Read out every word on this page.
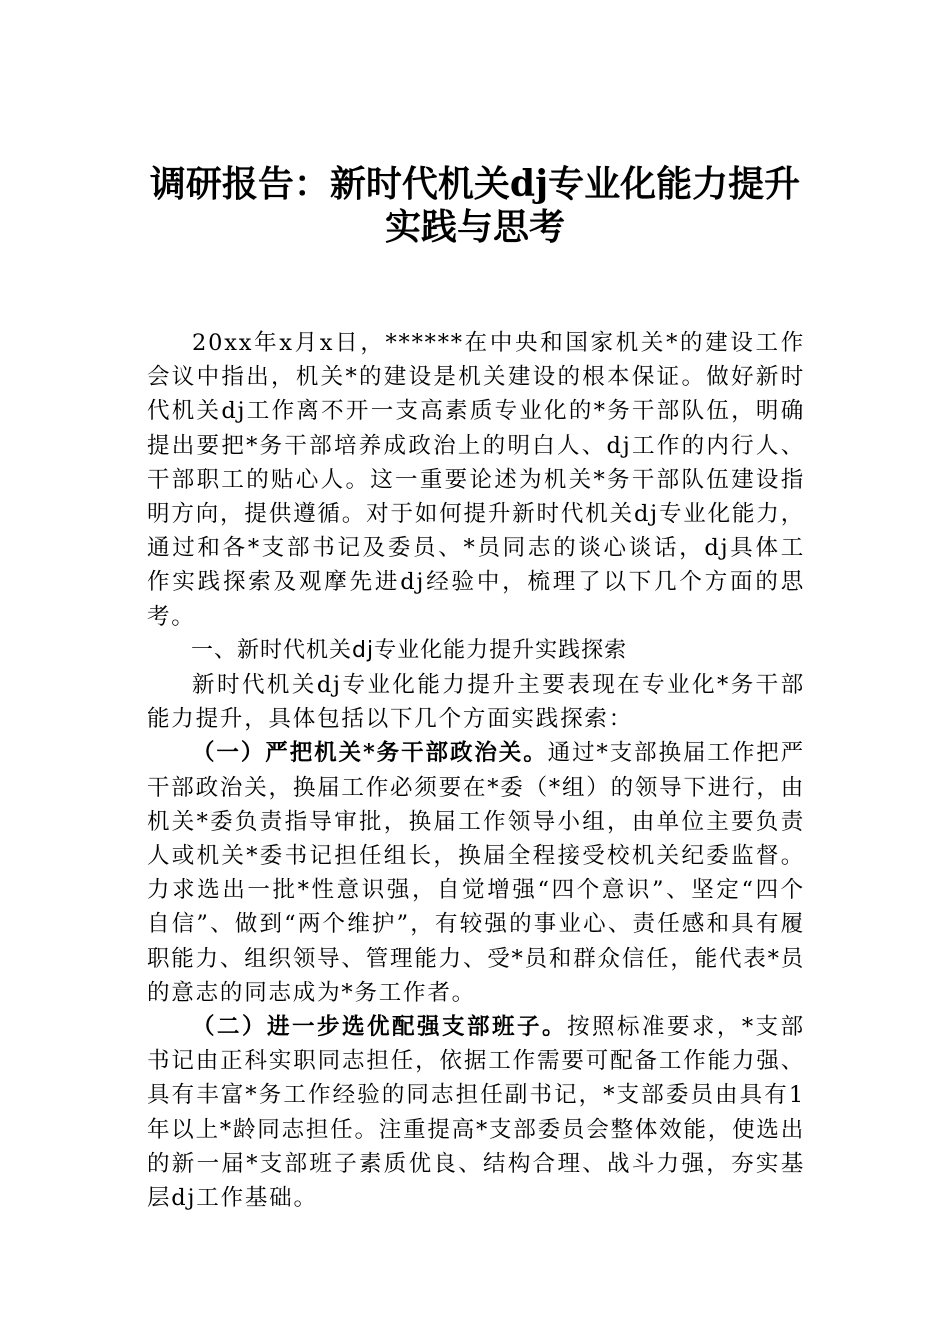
调研报告：新时代机关dj专业化能力提升
实践与思考

20xx年x月x日，******在中央和国家机关*的建设工作会议中指出，机关*的建设是机关建设的根本保证。做好新时代机关dj工作离不开一支高素质专业化的*务干部队伍，明确提出要把*务干部培养成政治上的明白人、dj工作的内行人、干部职工的贴心人。这一重要论述为机关*务干部队伍建设指明方向，提供遵循。对于如何提升新时代机关dj专业化能力，通过和各*支部书记及委员、*员同志的谈心谈话，dj具体工作实践探索及观摩先进dj经验中，梳理了以下几个方面的思考。

一、新时代机关dj专业化能力提升实践探索

新时代机关dj专业化能力提升主要表现在专业化*务干部能力提升，具体包括以下几个方面实践探索：

（一）严把机关*务干部政治关。通过*支部换届工作把严干部政治关，换届工作必须要在*委（*组）的领导下进行，由机关*委负责指导审批，换届工作领导小组，由单位主要负责人或机关*委书记担任组长，换届全程接受校机关纪委监督。力求选出一批*性意识强，自觉增强“四个意识”、坚定“四个自信”、做到“两个维护”，有较强的事业心、责任感和具有履职能力、组织领导、管理能力、受*员和群众信任，能代表*员的意志的同志成为*务工作者。

（二）进一步选优配强支部班子。按照标准要求，*支部书记由正科实职同志担任，依据工作需要可配备工作能力强、具有丰富*务工作经验的同志担任副书记，*支部委员由具有1年以上*龄同志担任。注重提高*支部委员会整体效能，使选出的新一届*支部班子素质优良、结构合理、战斗力强，夯实基层dj工作基础。
